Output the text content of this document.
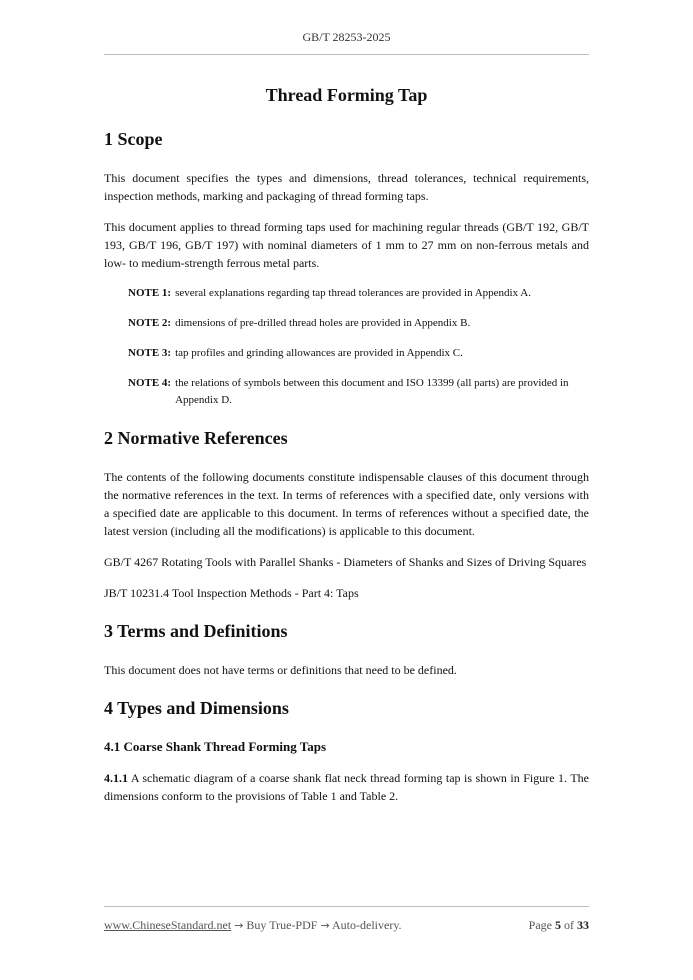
GB/T 28253-2025
Thread Forming Tap
1 Scope

This document specifies the types and dimensions, thread tolerances, technical requirements, inspection methods, marking and packaging of thread forming taps.

This document applies to thread forming taps used for machining regular threads (GB/T 192, GB/T 193, GB/T 196, GB/T 197) with nominal diameters of 1 mm to 27 mm on non-ferrous metals and low- to medium-strength ferrous metal parts.

NOTE 1: several explanations regarding tap thread tolerances are provided in Appendix A.
NOTE 2: dimensions of pre-drilled thread holes are provided in Appendix B.
NOTE 3: tap profiles and grinding allowances are provided in Appendix C.
NOTE 4: the relations of symbols between this document and ISO 13399 (all parts) are provided in Appendix D.
2 Normative References

The contents of the following documents constitute indispensable clauses of this document through the normative references in the text. In terms of references with a specified date, only versions with a specified date are applicable to this document. In terms of references without a specified date, the latest version (including all the modifications) is applicable to this document.

GB/T 4267 Rotating Tools with Parallel Shanks - Diameters of Shanks and Sizes of Driving Squares

JB/T 10231.4 Tool Inspection Methods - Part 4: Taps

3 Terms and Definitions

This document does not have terms or definitions that need to be defined.

4 Types and Dimensions
4.1 Coarse Shank Thread Forming Taps

4.1.1 A schematic diagram of a coarse shank flat neck thread forming tap is shown in Figure 1. The dimensions conform to the provisions of Table 1 and Table 2.

www.ChineseStandard.net → Buy True-PDF → Auto-delivery.	Page 5 of 33
